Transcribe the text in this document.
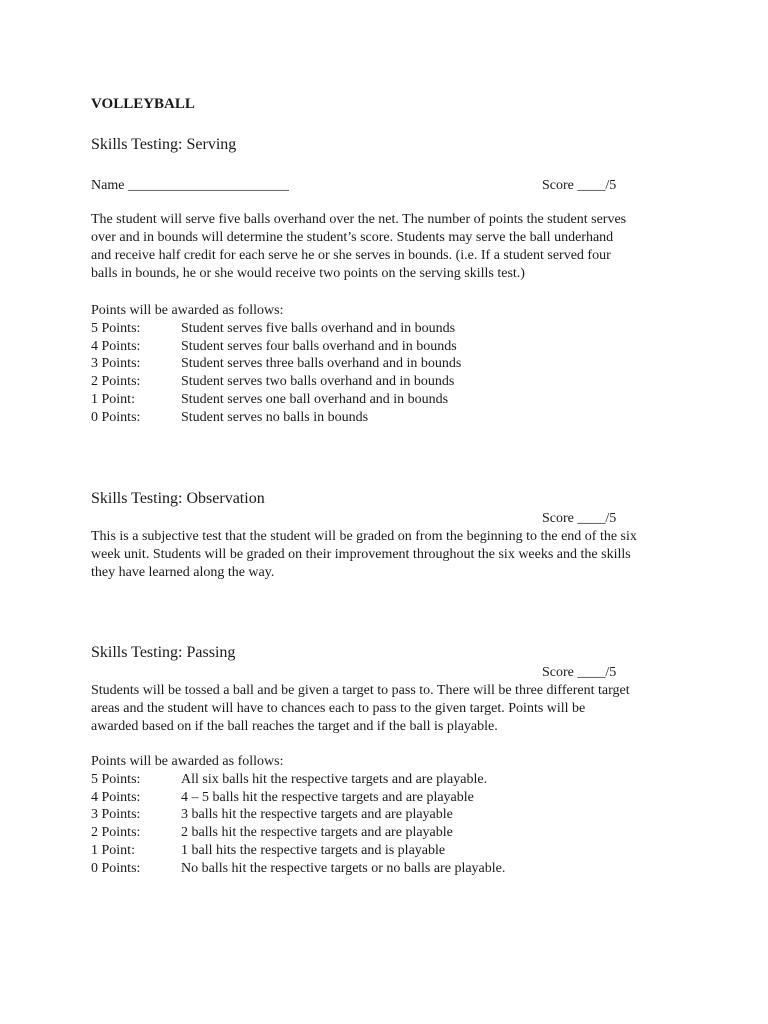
VOLLEYBALL
Skills Testing: Serving
Name _______________________	Score ____/5
The student will serve five balls overhand over the net. The number of points the student serves
over and in bounds will determine the student’s score. Students may serve the ball underhand
and receive half credit for each serve he or she serves in bounds. (i.e. If a student served four
balls in bounds, he or she would receive two points on the serving skills test.)
Points will be awarded as follows:
5 Points:	Student serves five balls overhand and in bounds
4 Points:	Student serves four balls overhand and in bounds
3 Points:	Student serves three balls overhand and in bounds
2 Points:	Student serves two balls overhand and in bounds
1 Point:	Student serves one ball overhand and in bounds
0 Points:	Student serves no balls in bounds
Skills Testing: Observation
Score ____/5
This is a subjective test that the student will be graded on from the beginning to the end of the six
week unit. Students will be graded on their improvement throughout the six weeks and the skills
they have learned along the way.
Skills Testing: Passing
Score ____/5
Students will be tossed a ball and be given a target to pass to. There will be three different target
areas and the student will have to chances each to pass to the given target. Points will be
awarded based on if the ball reaches the target and if the ball is playable.
Points will be awarded as follows:
5 Points:	All six balls hit the respective targets and are playable.
4 Points:	4 – 5 balls hit the respective targets and are playable
3 Points:	3 balls hit the respective targets and are playable
2 Points:	2 balls hit the respective targets and are playable
1 Point:	1 ball hits the respective targets and is playable
0 Points:	No balls hit the respective targets or no balls are playable.
